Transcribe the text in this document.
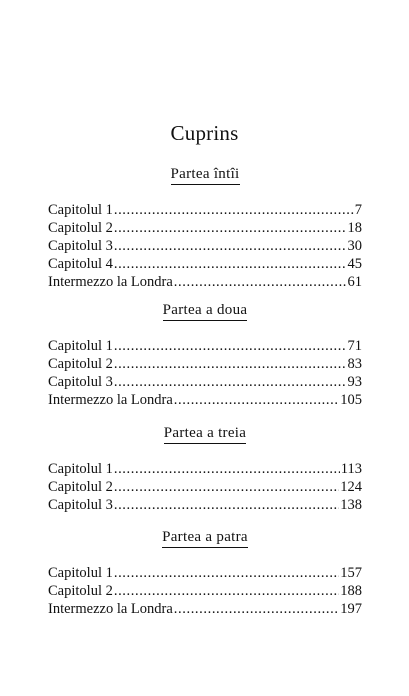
Cuprins
Partea întîi
Capitolul 1 .....	7
Capitolul 2 .....	18
Capitolul 3 .....	30
Capitolul 4 .....	45
Intermezzo la Londra .....	61
Partea a doua
Capitolul 1 .....	71
Capitolul 2 .....	83
Capitolul 3 .....	93
Intermezzo la Londra .....	105
Partea a treia
Capitolul 1 .....	113
Capitolul 2 .....	124
Capitolul 3 .....	138
Partea a patra
Capitolul 1 .....	157
Capitolul 2 .....	188
Intermezzo la Londra .....	197
